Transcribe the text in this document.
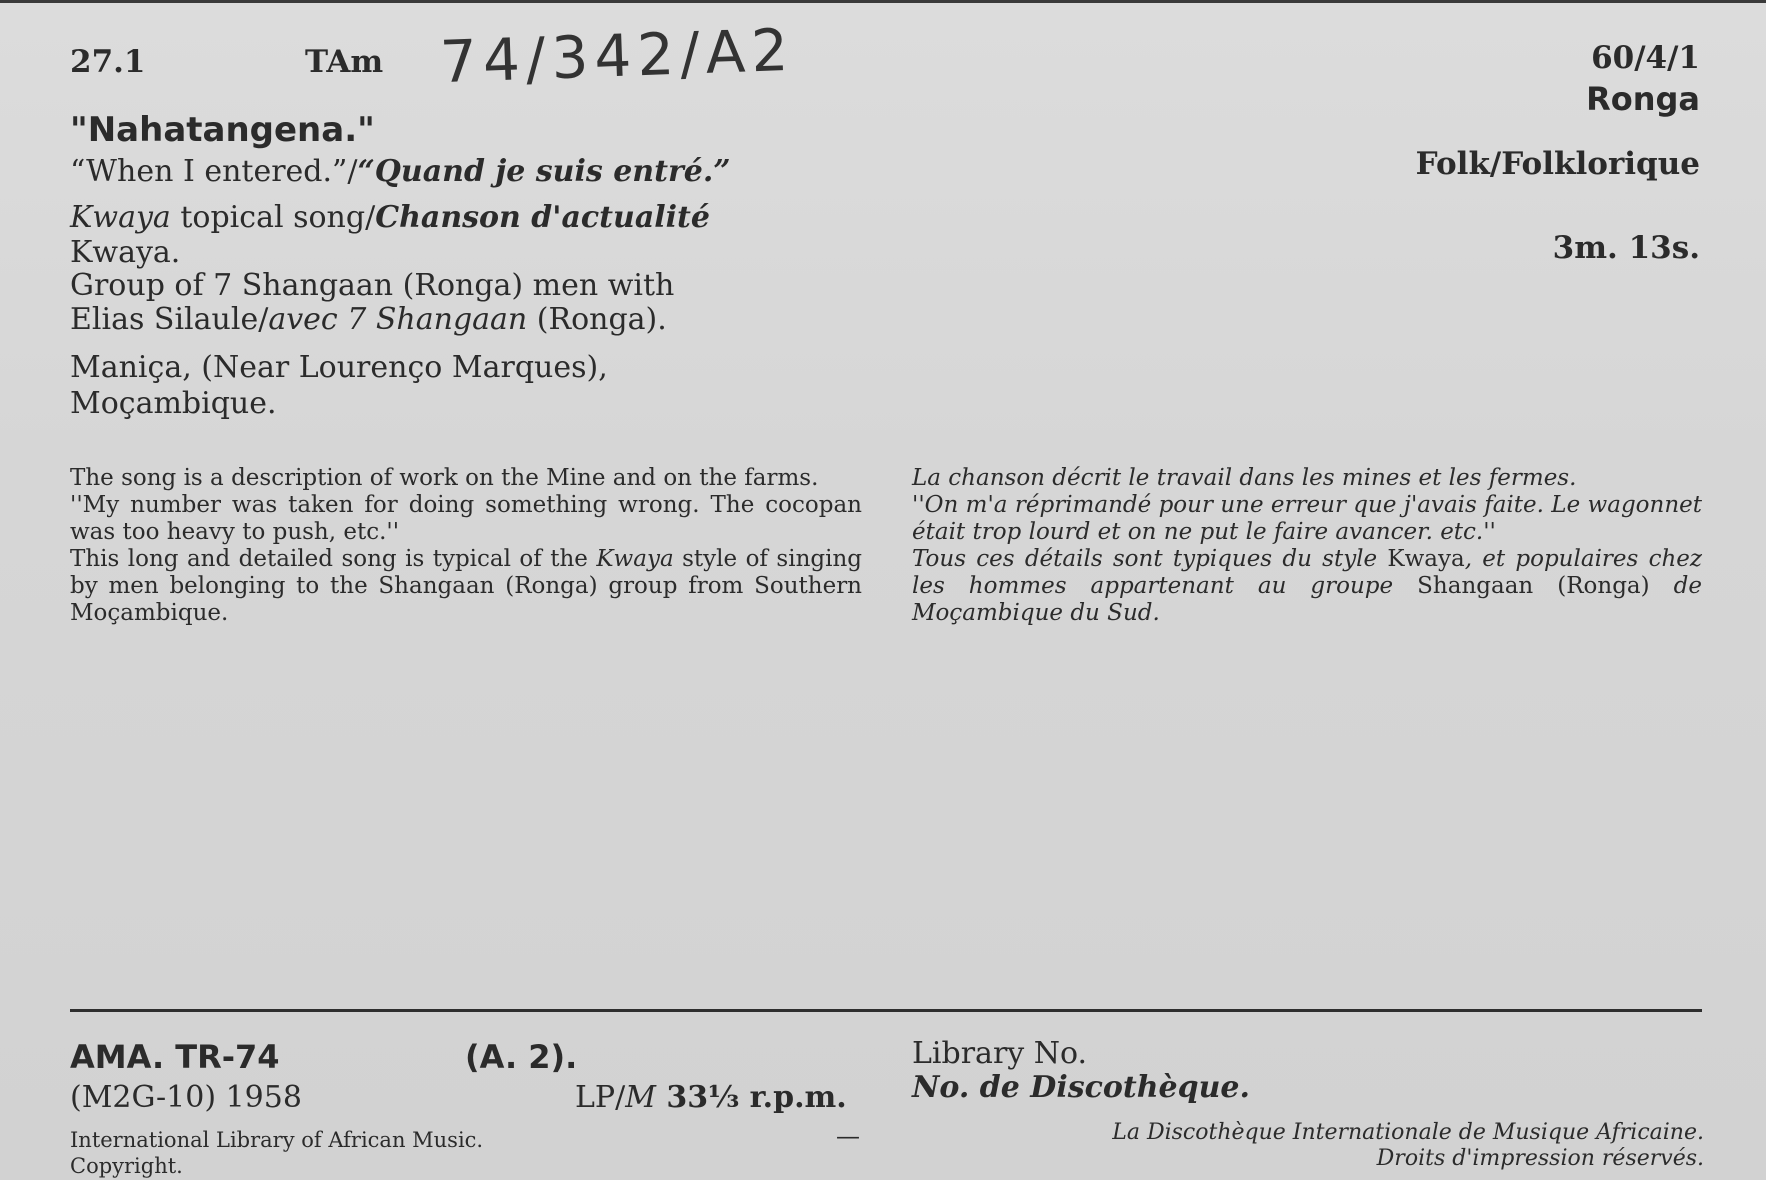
27.1	TAm 74/342/A2	60/4/1
Ronga
Folk/Folklorique
3m. 13s.
"Nahatangena."
“When I entered.”/“Quand je suis entré.”
Kwaya topical song/Chanson d'actualité
Kwaya.
Group of 7 Shangaan (Ronga) men with
Elias Silaule/avec 7 Shangaan (Ronga).
Maniça, (Near Lourenço Marques),
Moçambique.

The song is a description of work on the Mine and on the farms.

''My number was taken for doing something wrong. The cocopan was too heavy to push, etc.''

This long and detailed song is typical of the Kwaya style of singing by men belonging to the Shangaan (Ronga) group from Southern Moçambique.

La chanson décrit le travail dans les mines et les fermes.

''On m'a réprimandé pour une erreur que j'avais faite. Le wagonnet était trop lourd et on ne put le faire avancer. etc.''

Tous ces détails sont typiques du style Kwaya, et populaires chez les hommes appartenant au groupe Shangaan (Ronga) de Moçambique du Sud.

AMA. TR-74	(A. 2).
(M2G-10) 1958	LP/M 33⅓ r.p.m.
Library No.
No. de Discothèque.
International Library of African Music.
Copyright.
—	La Discothèque Internationale de Musique Africaine.
Droits d'impression réservés.
